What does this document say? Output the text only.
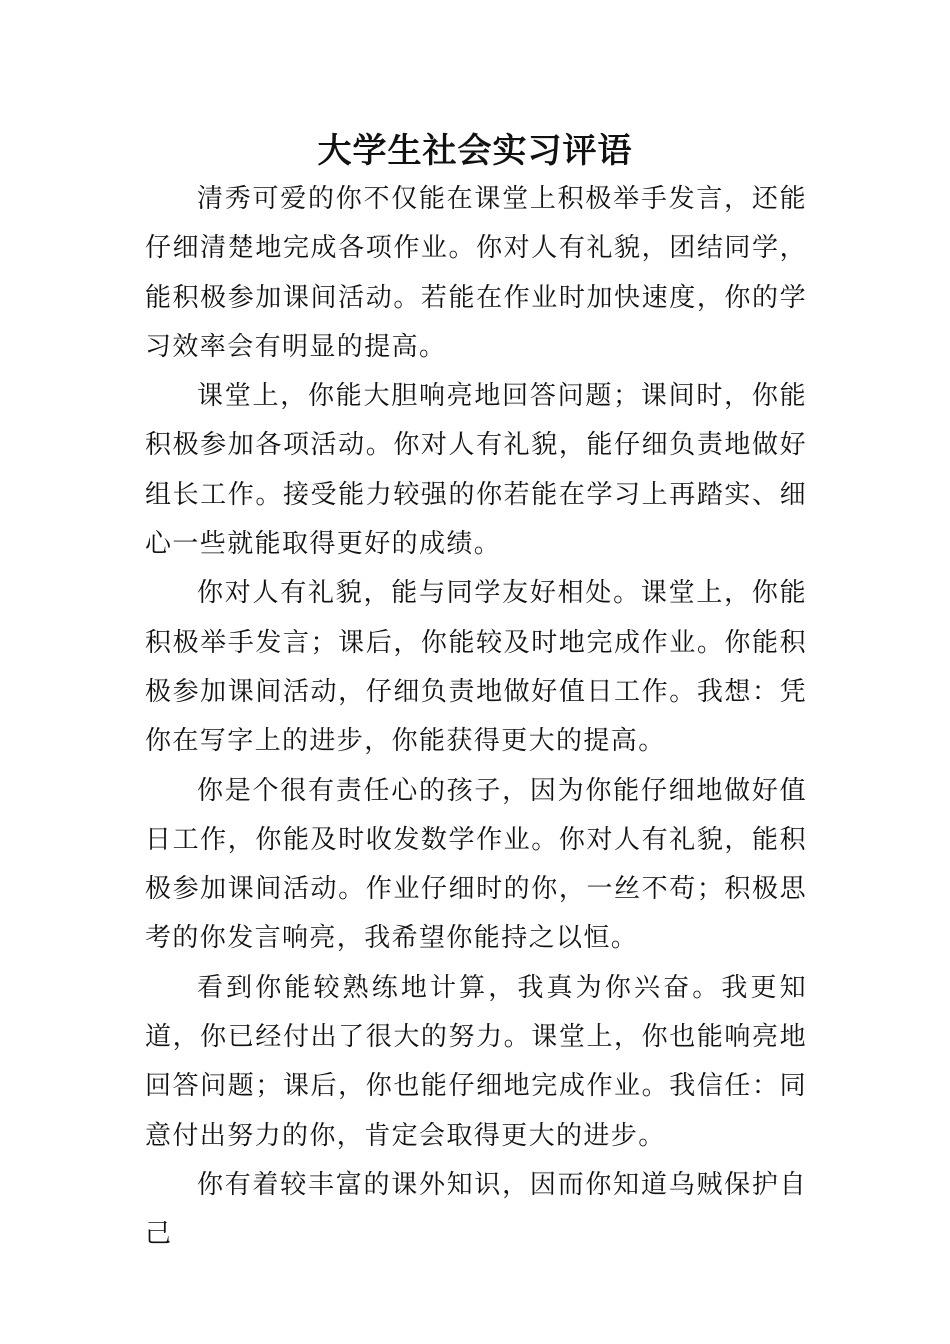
大学生社会实习评语

清秀可爱的你不仅能在课堂上积极举手发言，还能仔细清楚地完成各项作业。你对人有礼貌，团结同学，能积极参加课间活动。若能在作业时加快速度，你的学习效率会有明显的提高。

课堂上，你能大胆响亮地回答问题；课间时，你能积极参加各项活动。你对人有礼貌，能仔细负责地做好组长工作。接受能力较强的你若能在学习上再踏实、细心一些就能取得更好的成绩。

你对人有礼貌，能与同学友好相处。课堂上，你能积极举手发言；课后，你能较及时地完成作业。你能积极参加课间活动，仔细负责地做好值日工作。我想：凭你在写字上的进步，你能获得更大的提高。

你是个很有责任心的孩子，因为你能仔细地做好值日工作，你能及时收发数学作业。你对人有礼貌，能积极参加课间活动。作业仔细时的你，一丝不苟；积极思考的你发言响亮，我希望你能持之以恒。

看到你能较熟练地计算，我真为你兴奋。我更知道，你已经付出了很大的努力。课堂上，你也能响亮地回答问题；课后，你也能仔细地完成作业。我信任：同意付出努力的你，肯定会取得更大的进步。

你有着较丰富的课外知识，因而你知道乌贼保护自己
